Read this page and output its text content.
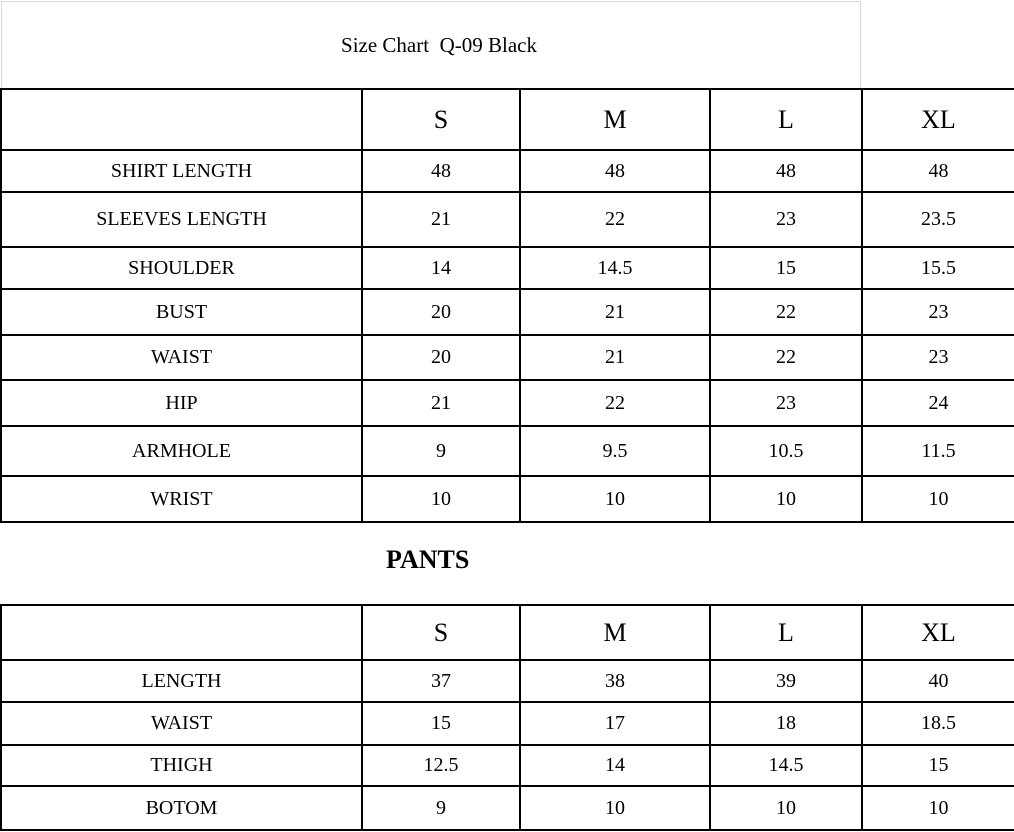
Size Chart  Q-09 Black
	S	M	L	XL
SHIRT LENGTH	48	48	48	48
SLEEVES LENGTH	21	22	23	23.5
SHOULDER	14	14.5	15	15.5
BUST	20	21	22	23
WAIST	20	21	22	23
HIP	21	22	23	24
ARMHOLE	9	9.5	10.5	11.5
WRIST	10	10	10	10
PANTS
	S	M	L	XL
LENGTH	37	38	39	40
WAIST	15	17	18	18.5
THIGH	12.5	14	14.5	15
BOTOM	9	10	10	10
